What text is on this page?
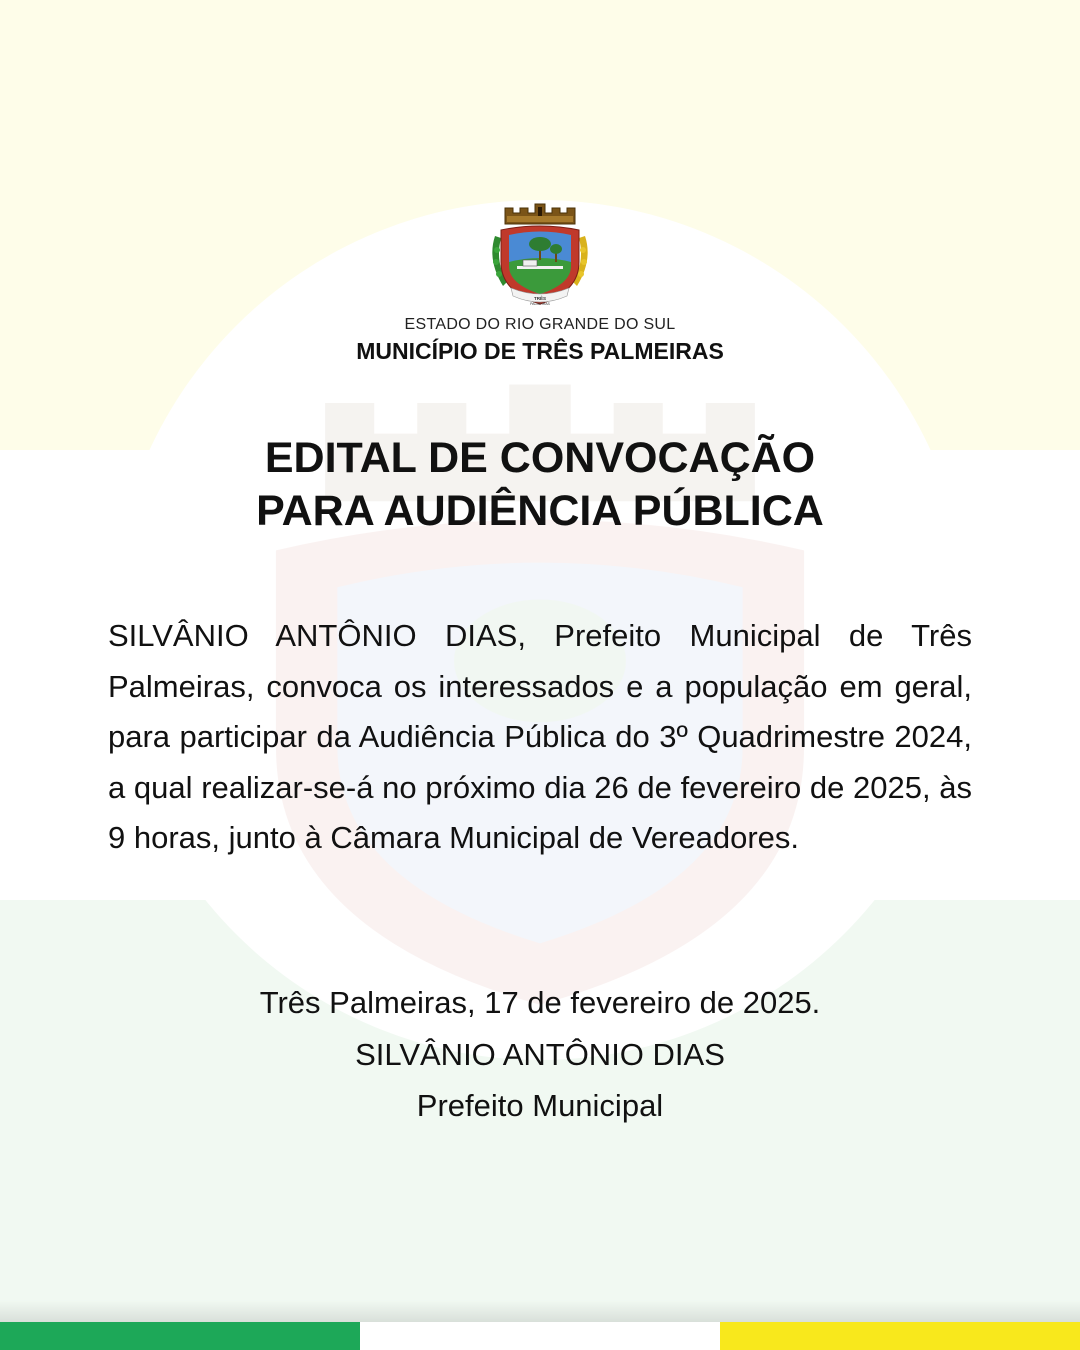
TRÊS
PALMEIRAS
ESTADO DO RIO GRANDE DO SUL
MUNICÍPIO DE TRÊS PALMEIRAS
EDITAL DE CONVOCAÇÃO
PARA AUDIÊNCIA PÚBLICA
SILVÂNIO ANTÔNIO DIAS, Prefeito Municipal de Três Palmeiras, convoca os interessados e a população em geral, para participar da Audiência Pública do 3º Quadrimestre 2024, a qual realizar-se-á no próximo dia 26 de fevereiro de 2025, às 9 horas, junto à Câmara Municipal de Vereadores.
Três Palmeiras, 17 de fevereiro de 2025.
SILVÂNIO ANTÔNIO DIAS
Prefeito Municipal
